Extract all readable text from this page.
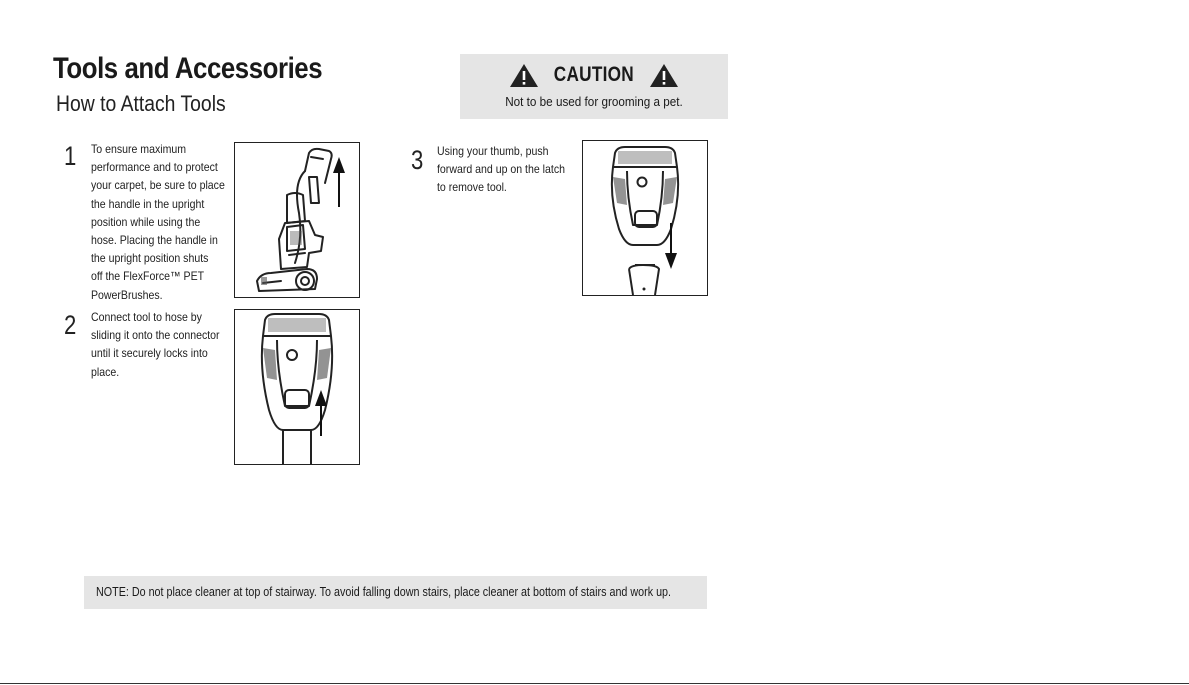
Tools and Accessories
How to Attach Tools
CAUTION
Not to be used for grooming a pet.
1 To ensure maximum
performance and to protect
your carpet, be sure to place
the handle in the upright
position while using the
hose. Placing the handle in
the upright position shuts
off the FlexForce™ PET
PowerBrushes.
2 Connect tool to hose by
sliding it onto the connector
until it securely locks into
place.
3 Using your thumb, push
forward and up on the latch
to remove tool.
NOTE: Do not place cleaner at top of stairway. To avoid falling down stairs, place cleaner at bottom of stairs and work up.
